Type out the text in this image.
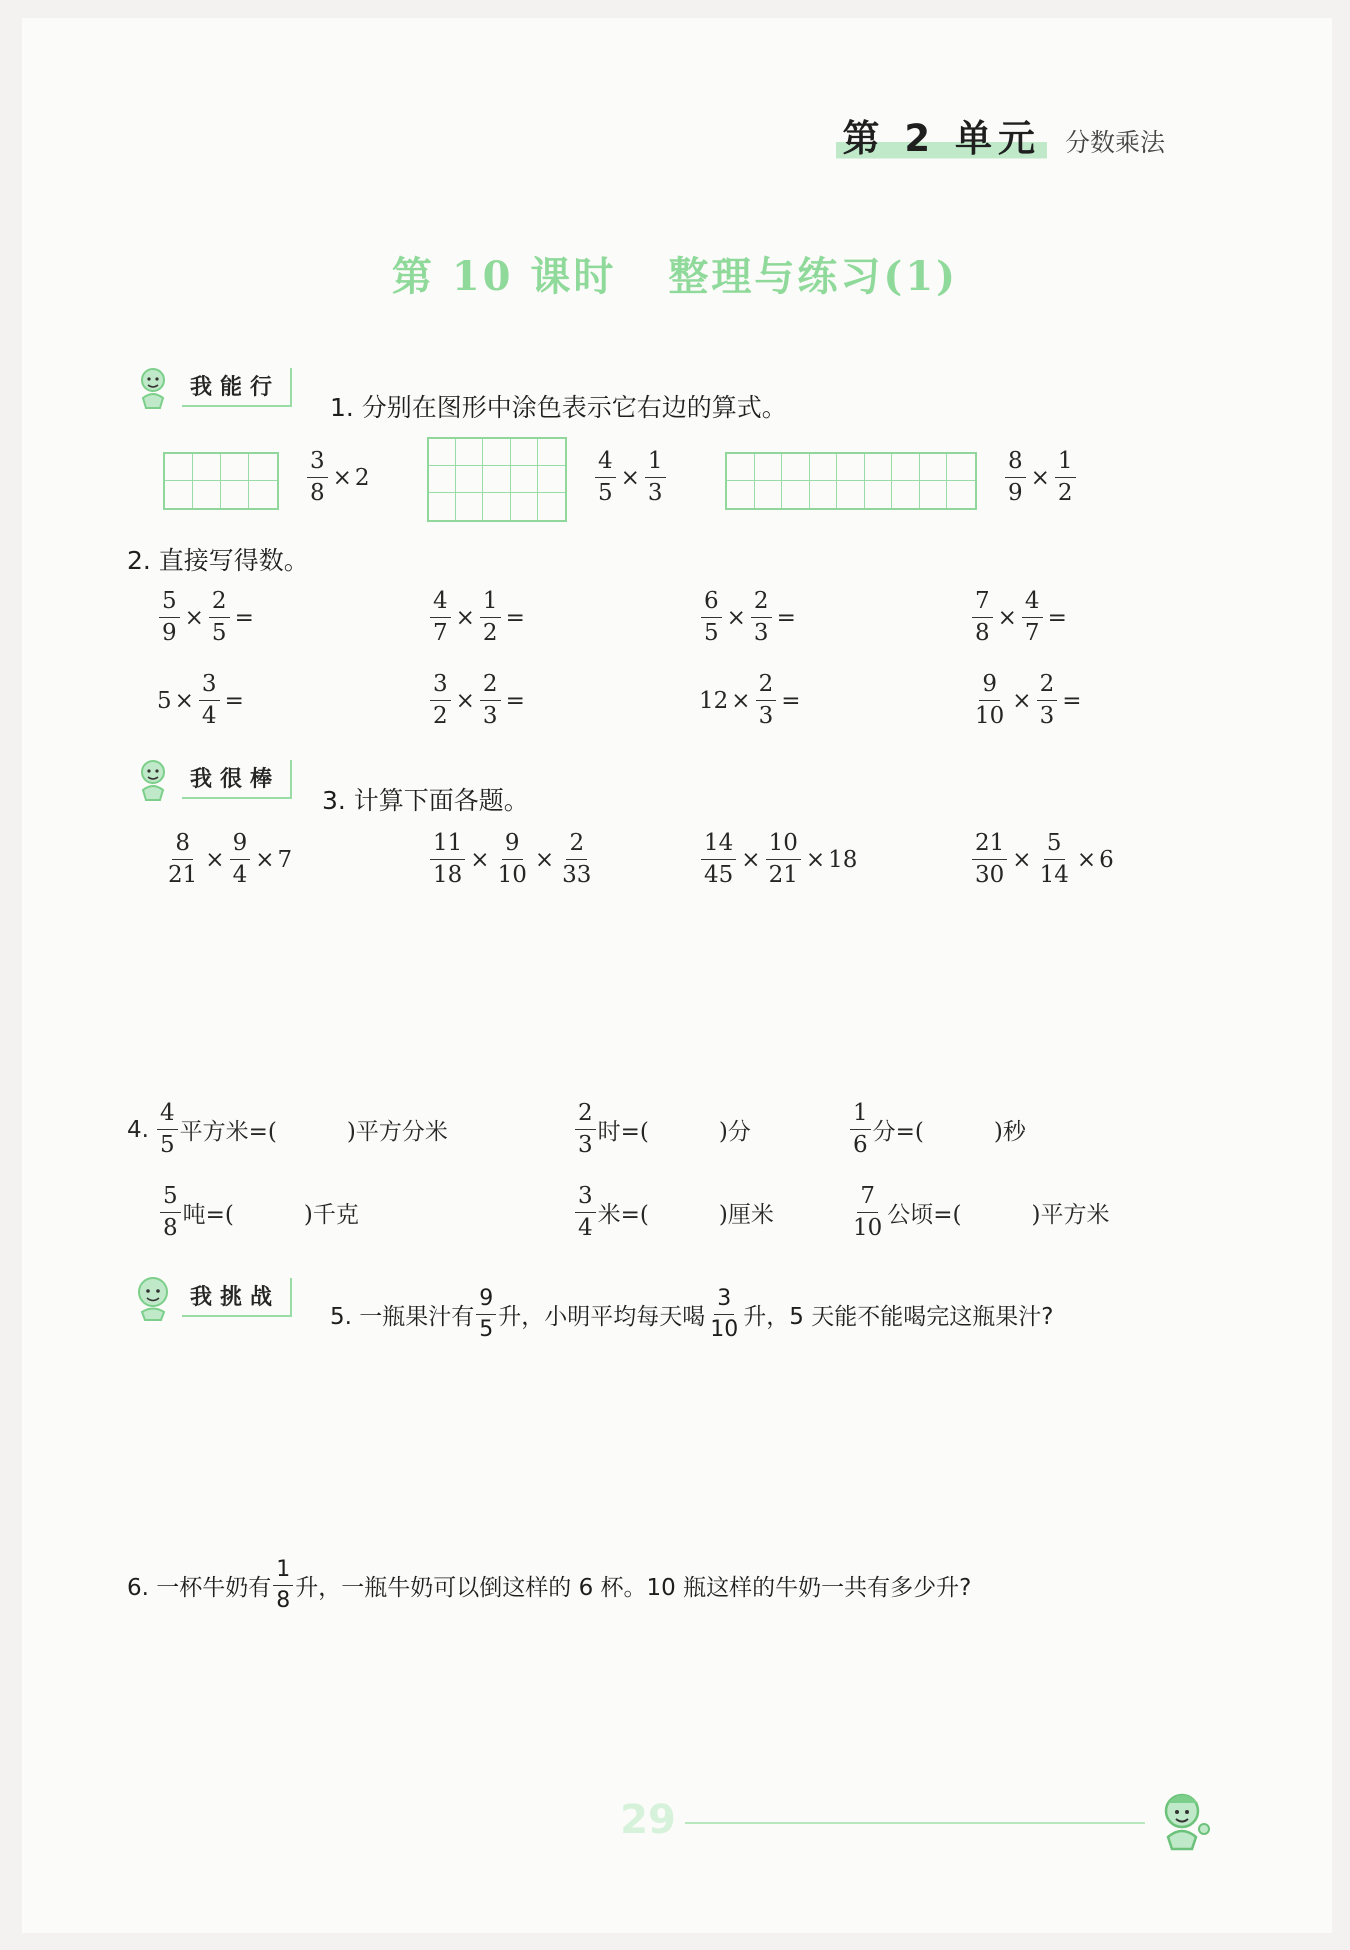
第 2 单元 分数乘法
第 10 课时 整理与练习(1)
我能行
1. 分别在图形中涂色表示它右边的算式。
$\frac{3}{8} \times 2$	$\frac{4}{5} \times \frac{1}{3}$	$\frac{8}{9} \times \frac{1}{2}$
2. 直接写得数。
$\frac{5}{9} \times \frac{2}{5}$ =	$\frac{4}{7} \times \frac{1}{2}$ =	$\frac{6}{5} \times \frac{2}{3}$ =	$\frac{7}{8} \times \frac{4}{7}$ =
$5 \times \frac{3}{4}$ =	$\frac{3}{2} \times \frac{2}{3}$ =	$12 \times \frac{2}{3}$ =	$\frac{9}{10} \times \frac{2}{3}$ =
我很棒
3. 计算下面各题。
$\frac{8}{21} \times \frac{9}{4} \times 7$	$\frac{11}{18} \times \frac{9}{10} \times \frac{2}{33}$	$\frac{14}{45} \times \frac{10}{21} \times 18$	$\frac{21}{30} \times \frac{5}{14} \times 6$
4. $\frac{4}{5}$ 平方米=(	)平方分米	$\frac{2}{3}$ 时=(	)分	$\frac{1}{6}$ 分=(	)秒
$\frac{5}{8}$ 吨=(	)千克	$\frac{3}{4}$ 米=(	)厘米	$\frac{7}{10}$ 公顷=(	)平方米
我挑战
5. 一瓶果汁有 $\frac{9}{5}$ 升，小明平均每天喝 $\frac{3}{10}$ 升，5 天能不能喝完这瓶果汁?
6. 一杯牛奶有 $\frac{1}{8}$ 升，一瓶牛奶可以倒这样的 6 杯。10 瓶这样的牛奶一共有多少升?
29
